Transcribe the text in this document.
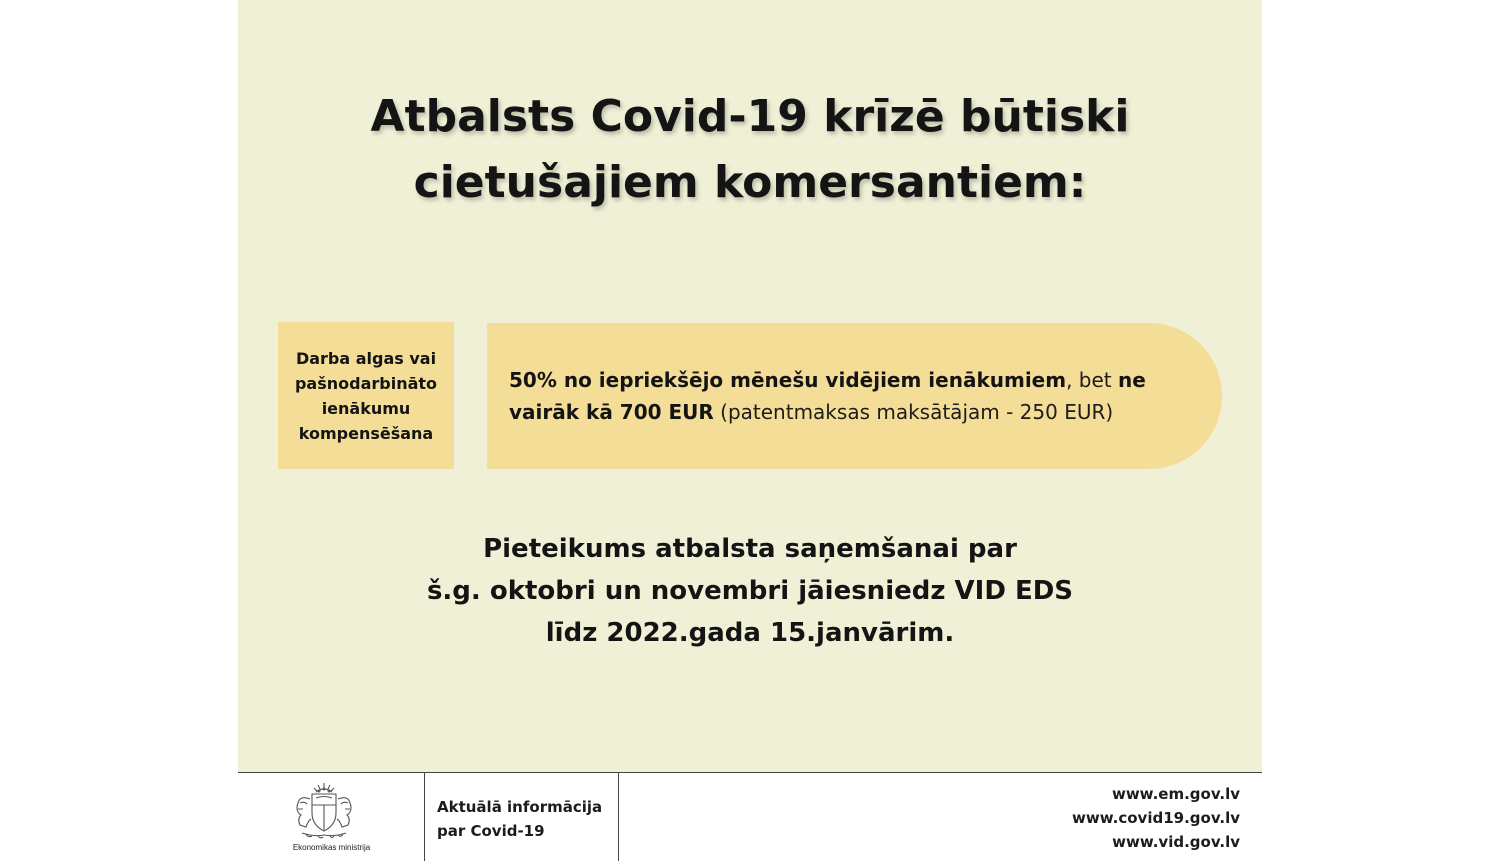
Atbalsts Covid-19 krīzē būtiski
cietušajiem komersantiem:
Darba algas vai pašnodarbināto ienākumu kompensēšana
50% no iepriekšējo mēnešu vidējiem ienākumiem, bet ne vairāk kā 700 EUR (patentmaksas maksātājam - 250 EUR)
Pieteikums atbalsta saņemšanai par
š.g. oktobri un novembri jāiesniedz VID EDS
līdz 2022.gada 15.janvārim.
Ekonomikas ministrija
Aktuālā informācija
par Covid-19
www.em.gov.lv
www.covid19.gov.lv
www.vid.gov.lv
